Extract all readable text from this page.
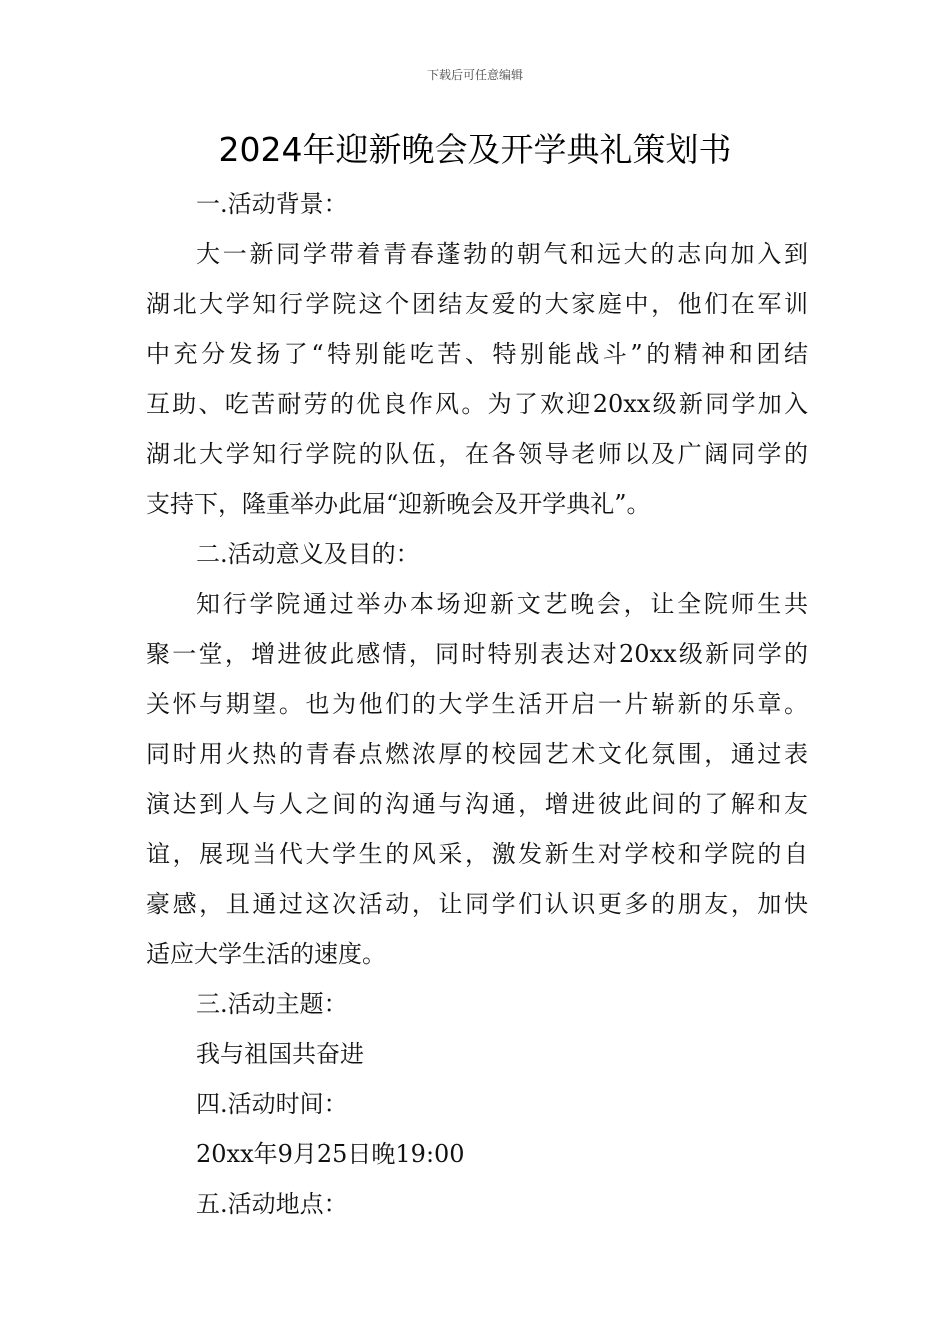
下载后可任意编辑
2024年迎新晚会及开学典礼策划书
一.活动背景：
大一新同学带着青春蓬勃的朝气和远大的志向加入到
湖北大学知行学院这个团结友爱的大家庭中，他们在军训
中充分发扬了“特别能吃苦、特别能战斗”的精神和团结
互助、吃苦耐劳的优良作风。为了欢迎20xx级新同学加入
湖北大学知行学院的队伍，在各领导老师以及广阔同学的
支持下，隆重举办此届“迎新晚会及开学典礼”。
二.活动意义及目的：
知行学院通过举办本场迎新文艺晚会，让全院师生共
聚一堂，增进彼此感情，同时特别表达对20xx级新同学的
关怀与期望。也为他们的大学生活开启一片崭新的乐章。
同时用火热的青春点燃浓厚的校园艺术文化氛围，通过表
演达到人与人之间的沟通与沟通，增进彼此间的了解和友
谊，展现当代大学生的风采，激发新生对学校和学院的自
豪感，且通过这次活动，让同学们认识更多的朋友，加快
适应大学生活的速度。
三.活动主题：
我与祖国共奋进
四.活动时间：
20xx年9月25日晚19:00
五.活动地点：
